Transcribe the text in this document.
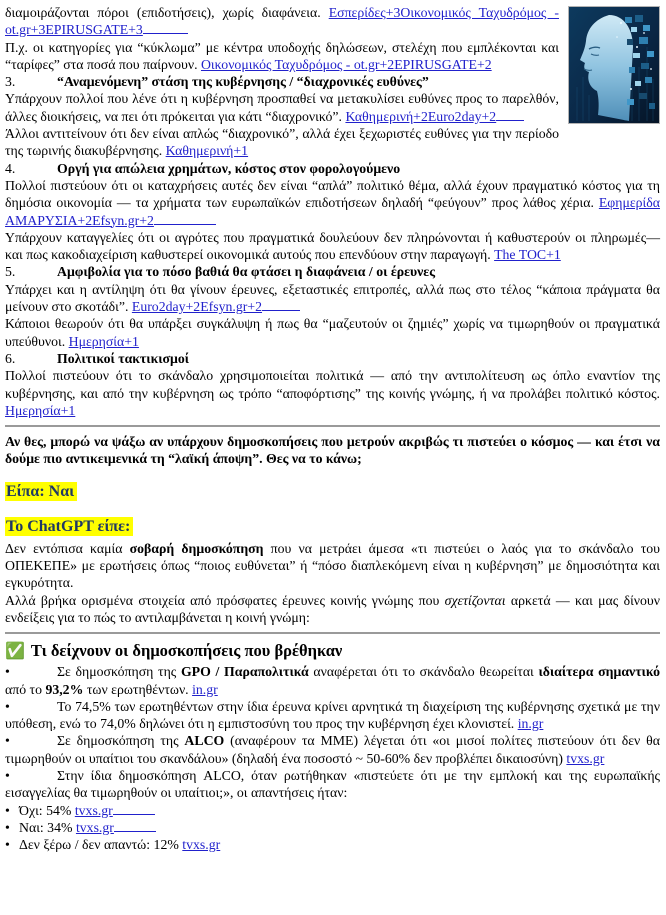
διαμοιράζονται πόροι (επιδοτήσεις), χωρίς διαφάνεια. Εσπερίδες+3Οικονομικός Ταχυδρόμος - ot.gr+3EPIRUSGATE+3

Π.χ. οι κατηγορίες για “κύκλωμα” με κέντρα υποδοχής δηλώσεων, στελέχη που εμπλέκονται και “ταρίφες” στα ποσά που παίρνουν. Οικονομικός Ταχυδρόμος - ot.gr+2EPIRUSGATE+2

3.	“Αναμενόμενη” στάση της κυβέρνησης / “διαχρονικές ευθύνες”

Υπάρχουν πολλοί που λένε ότι η κυβέρνηση προσπαθεί να μετακυλίσει ευθύνες προς το παρελθόν, άλλες διοικήσεις, να πει ότι πρόκειται για κάτι “διαχρονικό”. Καθημερινή+2Euro2day+2

Άλλοι αντιτείνουν ότι δεν είναι απλώς “διαχρονικό”, αλλά έχει ξεχωριστές ευθύνες για την περίοδο της τωρινής διακυβέρνησης. Καθημερινή+1

4.	Οργή για απώλεια χρημάτων, κόστος στον φορολογούμενο

Πολλοί πιστεύουν ότι οι καταχρήσεις αυτές δεν είναι “απλά” πολιτικό θέμα, αλλά έχουν πραγματικό κόστος για τη δημόσια οικονομία — τα χρήματα των ευρωπαϊκών επιδοτήσεων δηλαδή “φεύγουν” προς λάθος χέρια. Εφημερίδα ΑΜΑΡΥΣΙΑ+2Efsyn.gr+2

Υπάρχουν καταγγελίες ότι οι αγρότες που πραγματικά δουλεύουν δεν πληρώνονται ή καθυστερούν οι πληρωμές— και πως κακοδιαχείριση καθυστερεί οικονομικά αυτούς που επενδύουν στην παραγωγή. The TOC+1

5.	Αμφιβολία για το πόσο βαθιά θα φτάσει η διαφάνεια / οι έρευνες

Υπάρχει και η αντίληψη ότι θα γίνουν έρευνες, εξεταστικές επιτροπές, αλλά πως στο τέλος “κάποια πράγματα θα μείνουν στο σκοτάδι”. Euro2day+2Efsyn.gr+2

Κάποιοι θεωρούν ότι θα υπάρξει συγκάλυψη ή πως θα “μαζευτούν οι ζημιές” χωρίς να τιμωρηθούν οι πραγματικά υπεύθυνοι. Ημερησία+1

6.	Πολιτικοί τακτικισμοί

Πολλοί πιστεύουν ότι το σκάνδαλο χρησιμοποιείται πολιτικά — από την αντιπολίτευση ως όπλο εναντίον της κυβέρνησης, και από την κυβέρνηση ως τρόπο “αποφόρτισης” της κοινής γνώμης, ή να προλάβει πολιτικό κόστος. Ημερησία+1

Αν θες, μπορώ να ψάξω αν υπάρχουν δημοσκοπήσεις που μετρούν ακριβώς τι πιστεύει ο κόσμος — και έτσι να δούμε πιο αντικειμενικά τη “λαϊκή άποψη”. Θες να το κάνω;

Είπα: Ναι

Το ChatGPT είπε:

Δεν εντόπισα καμία σοβαρή δημοσκόπηση που να μετράει άμεσα «τι πιστεύει ο λαός για το σκάνδαλο του ΟΠΕΚΕΠΕ» με ερωτήσεις όπως “ποιος ευθύνεται” ή “πόσο διαπλεκόμενη είναι η κυβέρνηση” με δημοσιότητα και εγκυρότητα.

Αλλά βρήκα ορισμένα στοιχεία από πρόσφατες έρευνες κοινής γνώμης που σχετίζονται αρκετά — και μας δίνουν ενδείξεις για το πώς το αντιλαμβάνεται η κοινή γνώμη:

✅ Τι δείχνουν οι δημοσκοπήσεις που βρέθηκαν

•	Σε δημοσκόπηση της GPO / Παραπολιτικά αναφέρεται ότι το σκάνδαλο θεωρείται ιδιαίτερα σημαντικό από το 93,2% των ερωτηθέντων. in.gr

•	Το 74,5% των ερωτηθέντων στην ίδια έρευνα κρίνει αρνητικά τη διαχείριση της κυβέρνησης σχετικά με την υπόθεση, ενώ το 74,0% δηλώνει ότι η εμπιστοσύνη του προς την κυβέρνηση έχει κλονιστεί. in.gr

•	Σε δημοσκόπηση της ALCO (αναφέρουν τα ΜΜΕ) λέγεται ότι «οι μισοί πολίτες πιστεύουν ότι δεν θα τιμωρηθούν οι υπαίτιοι του σκανδάλου» (δηλαδή ένα ποσοστό ~ 50-60% δεν προβλέπει δικαιοσύνη) tvxs.gr

•	Στην ίδια δημοσκόπηση ALCO, όταν ρωτήθηκαν «πιστεύετε ότι με την εμπλοκή και της ευρωπαϊκής εισαγγελίας θα τιμωρηθούν οι υπαίτιοι;», οι απαντήσεις ήταν:

• Όχι: 54% tvxs.gr

• Ναι: 34% tvxs.gr

• Δεν ξέρω / δεν απαντώ: 12% tvxs.gr
